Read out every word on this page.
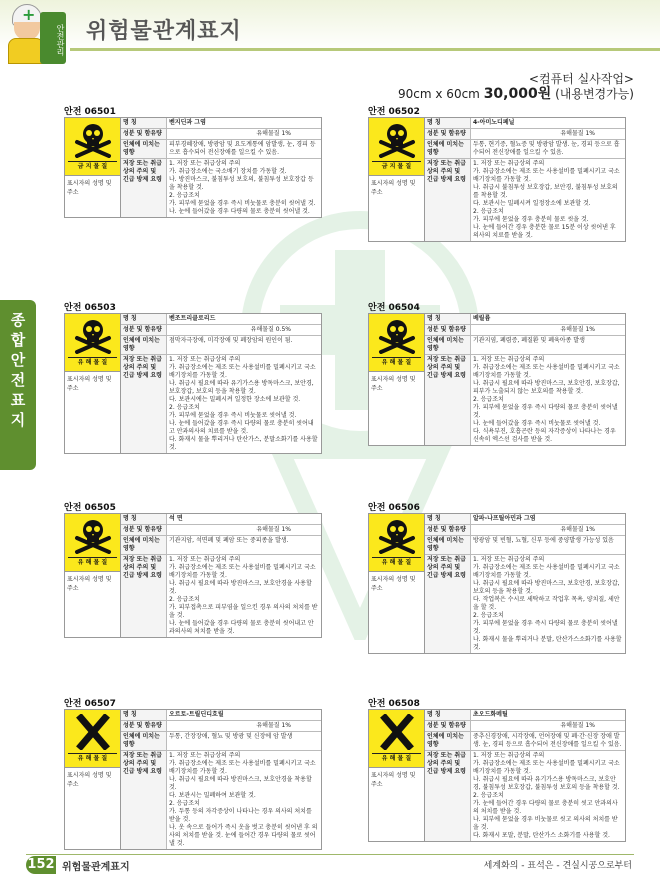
+
안전관리 위험물관계표지
<컴퓨터 실사작업>
90cm x 60cm 30,000원 (내용변경가능)
종
합
안
전
표
지
안전 06501
금 지 물 질
표시자의 성명 및 주소
명 칭	벤지딘과 그염
성분 및 함유량	유해물질 1%
인체에 미치는 영향
피부경혜장애, 방광암 및 요도계통에 암발생, 눈, 경피 등으로 흡수되어 전신장애를 일으킬 수 있음.
저장 또는 취급상의 주의 및 긴급 방제 요령
1. 저장 또는 취급상의 주의
가. 취급장소에는 국소배기 장치를 가동할 것.
나. 방진마스크, 불침투성 보호의, 불침투성 보호장갑 등을 착용할 것.
2. 응급조치
가. 피부에 묻었을 경우 즉시 비눗물로 충분히 씻어낼 것.
나. 눈에 들어갔을 경우 다량의 물로 충분히 씻어낼 것.
안전 06502
금 지 물 질
표시자의 성명 및 주소
명 칭	4-아미노디페닐
성분 및 함유량	유해물질 1%
인체에 미치는 영향
두통, 현기증, 혈뇨증 및 방광암 발생. 눈, 경피 등으로 흡수되어 전신장애를 일으킬 수 있음.
저장 또는 취급상의 주의 및 긴급 방제 요령
1. 저장 또는 취급상의 주의
가. 취급장소에는 제조 또는 사용설비를 밀폐시키고 국소배기장치를 가동할 것.
나. 취급시 불침투성 보호장갑, 보안경, 불침투성 보호의를 착용할 것.
다. 보관시는 밀폐시켜 일정장소에 보관할 것.
2. 응급조치
가. 피부에 묻었을 경우 충분히 물로 씻을 것.
나. 눈에 들어간 경우 충분한 물로 15분 이상 씻어낸 후 의사의 치료를 받을 것.
안전 06503
유 해 물 질
표시자의 성명 및 주소
명 칭	벤조트리클로리드
성분 및 함유량	유해물질 0.5%
인체에 미치는 영향
점막자극장애, 미각장애 및 폐장암의 원인이 됨.
저장 또는 취급상의 주의 및 긴급 방제 요령
1. 저장 또는 취급상의 주의
가. 취급장소에는 제조 또는 사용설비를 밀폐시키고 국소배기장치를 가동할 것.
나. 취급시 필요에 따라 유기가스용 방독마스크, 보안경, 보호장갑, 보호의 등을 착용할 것.
다. 보관시에는 밀폐시켜 일정한 장소에 보관할 것.
2. 응급조치
가. 피부에 묻었을 경우 즉시 비눗물로 씻어낼 것.
나. 눈에 들어갔을 경우 즉시 다량의 물로 충분히 씻어내고 안과의사의 치료를 받을 것.
다. 화재시 물을 뿌리거나 탄산가스, 분말소화기를 사용할 것.
안전 06504
유 해 물 질
표시자의 성명 및 주소
명 칭	베릴륨
성분 및 함유량	유해물질 1%
인체에 미치는 영향
기관지염, 폐렴증, 폐질환 및 폐육아종 발생
저장 또는 취급상의 주의 및 긴급 방제 요령
1. 저장 또는 취급상의 주의
가. 취급장소에는 제조 또는 사용설비를 밀폐시키고 국소배기장치를 가동할 것.
나. 취급시 필요에 따라 방진마스크, 보호안경, 보호장갑, 피부가 노출되지 않는 보호의를 착용할 것.
2. 응급조치
가. 피부에 묻었을 경우 즉시 다량의 물로 충분히 씻어낼 것.
나. 눈에 들어갔을 경우 즉시 비눗물로 씻어낼 것.
다. 식욕부진, 호흡곤란 등의 자각증상이 나타나는 경우 신속히 엑스선 검사를 받을 것.
안전 06505
유 해 물 질
표시자의 성명 및 주소
명 칭	석 면
성분 및 함유량	유해물질 1%
인체에 미치는 영향
기관지암, 석면폐 및 폐암 또는 중피종을 발생.
저장 또는 취급상의 주의 및 긴급 방제 요령
1. 저장 또는 취급상의 주의
가. 취급장소에는 제조 또는 사용설비를 밀폐시키고 국소배기장치를 가동할 것.
나. 취급시 필요에 따라 방진마스크, 보호안경을 사용할 것.
2. 응급조치
가. 피부접촉으로 피부염을 일으킨 경우 의사의 처치를 받을 것.
나. 눈에 들어갔을 경우 다량의 물로 충분히 씻어내고 안과의사의 처치를 받을 것.
안전 06506
유 해 물 질
표시자의 성명 및 주소
명 칭	알파-나프틸아민과 그염
성분 및 함유량	유해물질 1%
인체에 미치는 영향
방광암 및 빈혈, 뇨혈, 신부 등에 중양발생 가능성 있음
저장 또는 취급상의 주의 및 긴급 방제 요령
1. 저장 또는 취급상의 주의
가. 취급장소에는 제조 또는 사용설비를 밀폐시키고 국소배기장치를 가동할 것.
나. 취급시 필요에 따라 방진마스크, 보호안경, 보호장갑, 보호의 등을 착용할 것.
다. 작업복은 수시로 세탁하고 작업후 목욕, 양치질, 세안을 할 것.
2. 응급조치
가. 피부에 묻었을 경우 즉시 다량의 물로 충분히 씻어낼 것.
나. 화재시 물을 뿌리거나 분말, 탄산가스소화기를 사용할 것.
안전 06507
유 해 물 질
표시자의 성명 및 주소
명 칭	오르토-트릴딘디흐릴
성분 및 함유량	유해물질 1%
인체에 미치는 영향
두통, 간장장애, 혈뇨 및 방광 및 신장에 암 발생
저장 또는 취급상의 주의 및 긴급 방제 요령
1. 저장 또는 취급상의 주의
가. 취급장소에는 제조 또는 사용설비를 밀폐시키고 국소배기장치를 가동할 것.
나. 취급시 필요에 따라 방진마스크, 보호안경을 착용할 것.
다. 보관시는 밀폐하여 보관할 것.
2. 응급조치
가. 두통 등의 자각증상이 나타나는 경우 의사의 처치를 받을 것.
나. 옷 속으로 들어가 즉시 옷을 벗고 충분히 씻어낸 후 의사의 처치를 받을 것. 눈에 들어간 경우 다량의 물로 씻어낼 것.
안전 06508
유 해 물 질
표시자의 성명 및 주소
명 칭	초오드화메틸
성분 및 함유량	유해물질 1%
인체에 미치는 영향
중추신경장애, 시각장애, 언어장애 및 폐·간·신장 장애 발생. 눈, 경피 등으로 흡수되어 전신장애를 일으킬 수 있음.
저장 또는 취급상의 주의 및 긴급 방제 요령
1. 저장 또는 취급상의 주의
가. 취급장소에는 제조 또는 사용설비를 밀폐시키고 국소배기장치를 가동할 것.
나. 취급시 필요에 따라 유기가스용 방독마스크, 보호안경, 불침투성 보호장갑, 불침투성 보호의 등을 착용할 것.
2. 응급조치
가. 눈에 들어간 경우 다량의 물로 충분히 씻고 안과의사의 처치를 받을 것.
나. 피부에 묻었을 경우 비눗물로 씻고 의사의 처치를 받을 것.
다. 화재시 포말, 분말, 탄산가스 소화기를 사용할 것.
152 위험물관계표지	세계화의 - 표석은 - 견실시공으로부터
